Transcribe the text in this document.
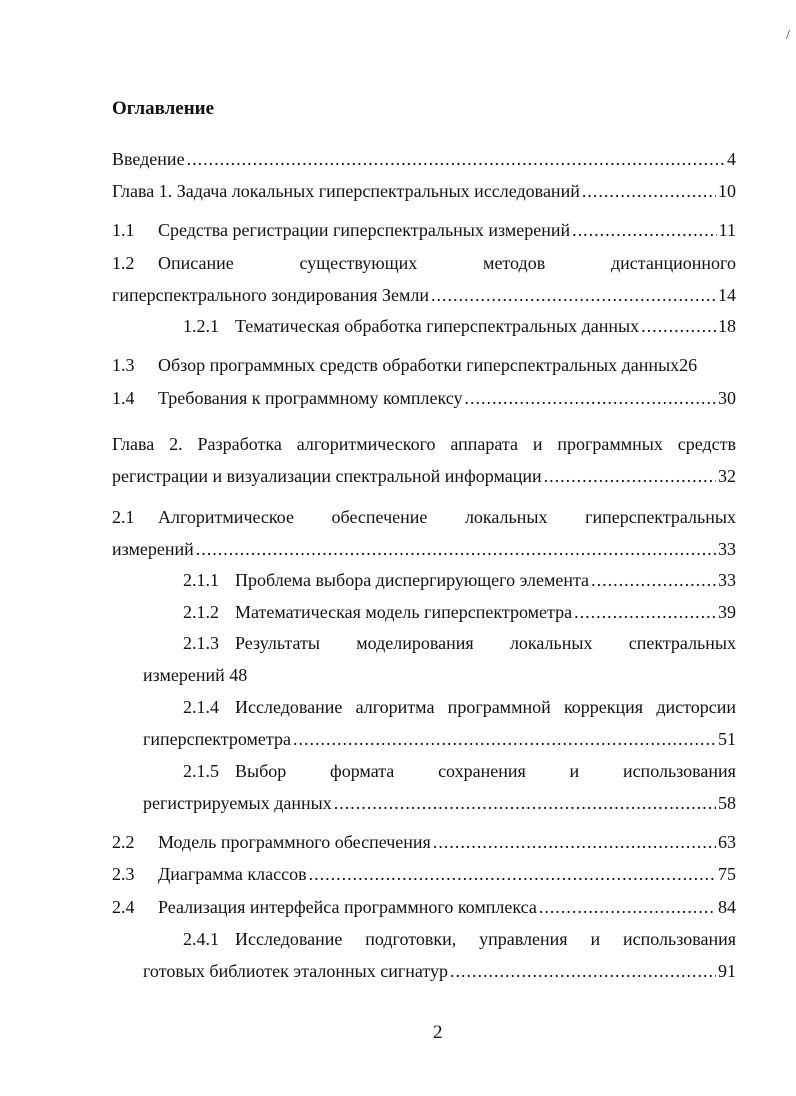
/
Оглавление
Введение .....	4
Глава 1. Задача локальных гиперспектральных исследований .....	10
1.1	Средства регистрации гиперспектральных измерений .....	11
1.2	Описание	существующих	методов	дистанционного
гиперспектрального зондирования Земли .....	14
1.2.1 Тематическая обработка гиперспектральных данных .....	18
1.3	Обзор программных средств обработки гиперспектральных данных26
1.4	Требования к программному комплексу .....	30
Глава 2. Разработка алгоритмического аппарата и программных средств
регистрации и визуализации спектральной информации .....	32
2.1	Алгоритмическое обеспечение локальных гиперспектральных
измерений .....	33
2.1.1 Проблема выбора диспергирующего элемента .....	33
2.1.2 Математическая модель гиперспектрометра .....	39
2.1.3 Результаты моделирования локальных спектральных
измерений 48
2.1.4 Исследование алгоритма программной коррекция дисторсии
гиперспектрометра .....	51
2.1.5 Выбор формата сохранения и использования
регистрируемых данных .....	58
2.2	Модель программного обеспечения .....	63
2.3	Диаграмма классов .....	75
2.4	Реализация интерфейса программного комплекса .....	84
2.4.1 Исследование подготовки, управления и использования
готовых библиотек эталонных сигнатур .....	91
2
